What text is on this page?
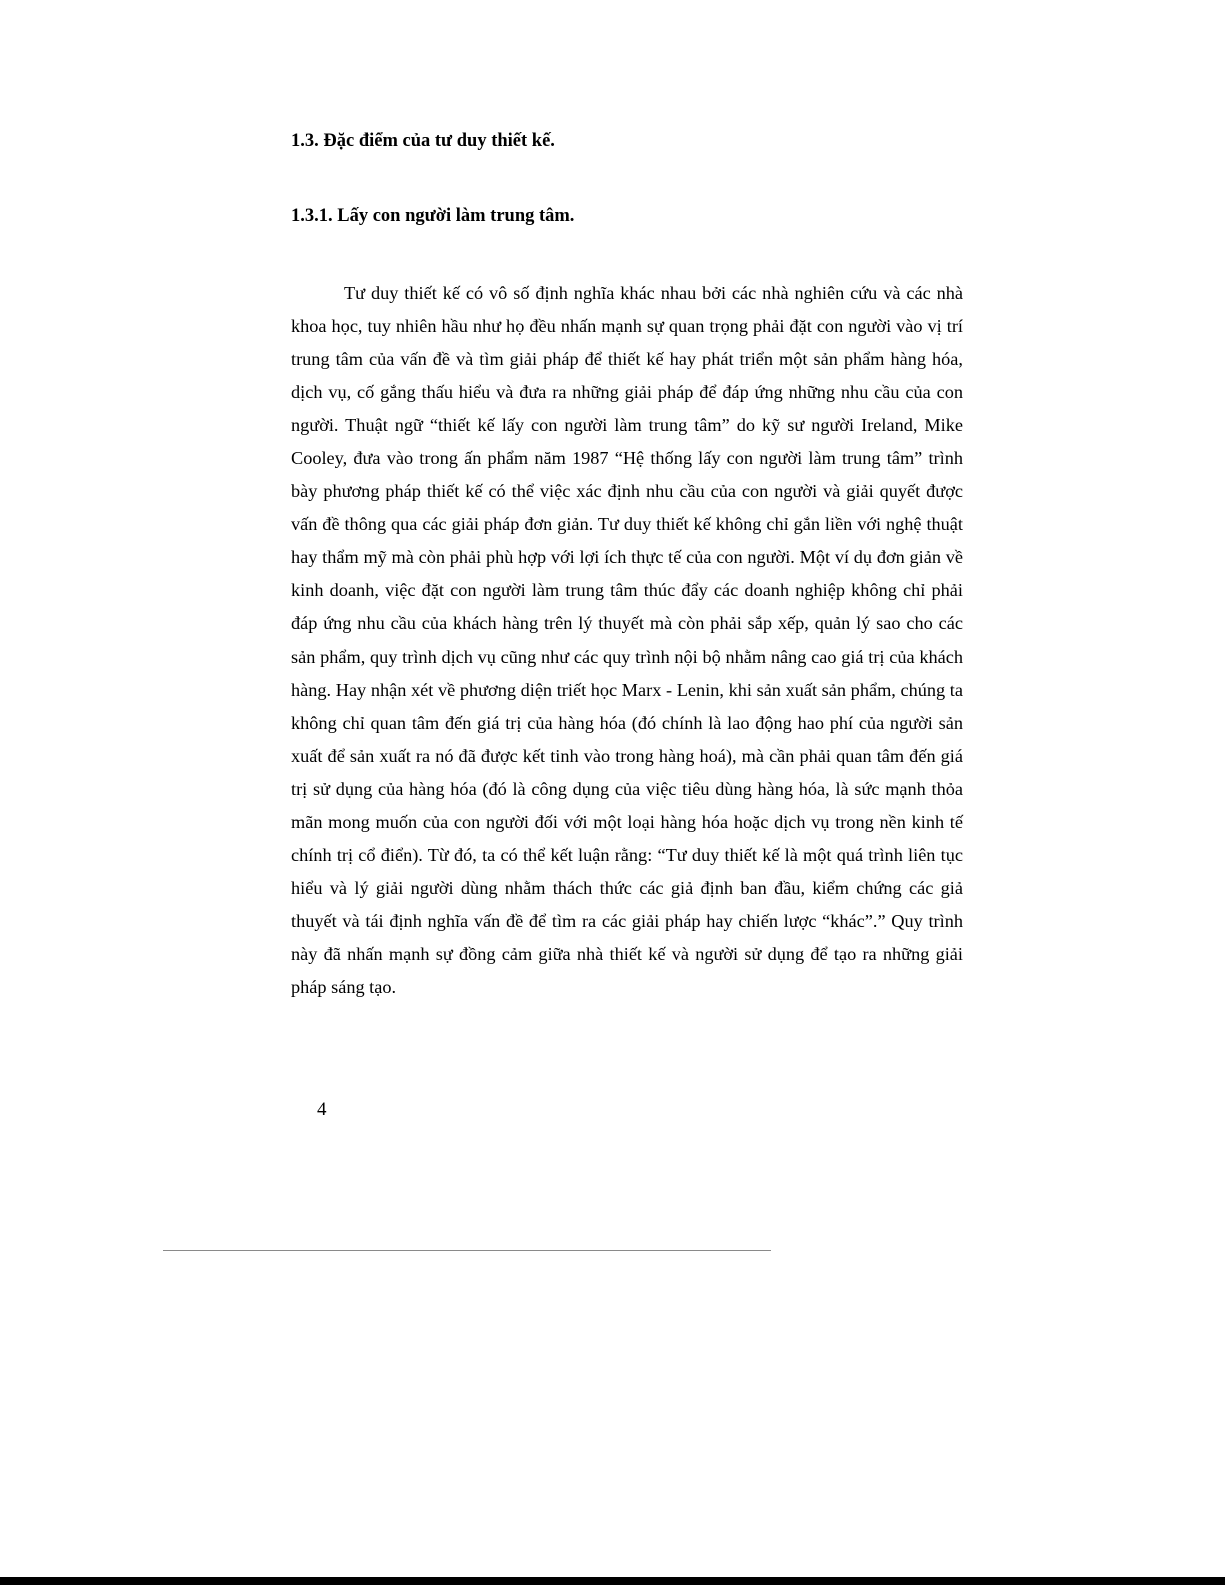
1.3. Đặc điểm của tư duy thiết kế.
1.3.1. Lấy con người làm trung tâm.

Tư duy thiết kế có vô số định nghĩa khác nhau bởi các nhà nghiên cứu và các nhà khoa học, tuy nhiên hầu như họ đều nhấn mạnh sự quan trọng phải đặt con người vào vị trí trung tâm của vấn đề và tìm giải pháp để thiết kế hay phát triển một sản phẩm hàng hóa, dịch vụ, cố gắng thấu hiểu và đưa ra những giải pháp để đáp ứng những nhu cầu của con người. Thuật ngữ “thiết kế lấy con người làm trung tâm” do kỹ sư người Ireland, Mike Cooley, đưa vào trong ấn phẩm năm 1987 “Hệ thống lấy con người làm trung tâm” trình bày phương pháp thiết kế có thể việc xác định nhu cầu của con người và giải quyết được vấn đề thông qua các giải pháp đơn giản. Tư duy thiết kế không chỉ gắn liền với nghệ thuật hay thẩm mỹ mà còn phải phù hợp với lợi ích thực tế của con người. Một ví dụ đơn giản về kinh doanh, việc đặt con người làm trung tâm thúc đẩy các doanh nghiệp không chỉ phải đáp ứng nhu cầu của khách hàng trên lý thuyết mà còn phải sắp xếp, quản lý sao cho các sản phẩm, quy trình dịch vụ cũng như các quy trình nội bộ nhằm nâng cao giá trị của khách hàng. Hay nhận xét về phương diện triết học Marx - Lenin, khi sản xuất sản phẩm, chúng ta không chỉ quan tâm đến giá trị của hàng hóa (đó chính là lao động hao phí của người sản xuất để sản xuất ra nó đã được kết tinh vào trong hàng hoá), mà cần phải quan tâm đến giá trị sử dụng của hàng hóa (đó là công dụng của việc tiêu dùng hàng hóa, là sức mạnh thỏa mãn mong muốn của con người đối với một loại hàng hóa hoặc dịch vụ trong nền kinh tế chính trị cổ điển). Từ đó, ta có thể kết luận rằng: “Tư duy thiết kế là một quá trình liên tục hiểu và lý giải người dùng nhằm thách thức các giả định ban đầu, kiểm chứng các giả thuyết và tái định nghĩa vấn đề để tìm ra các giải pháp hay chiến lược “khác”.” Quy trình này đã nhấn mạnh sự đồng cảm giữa nhà thiết kế và người sử dụng để tạo ra những giải pháp sáng tạo.

4
